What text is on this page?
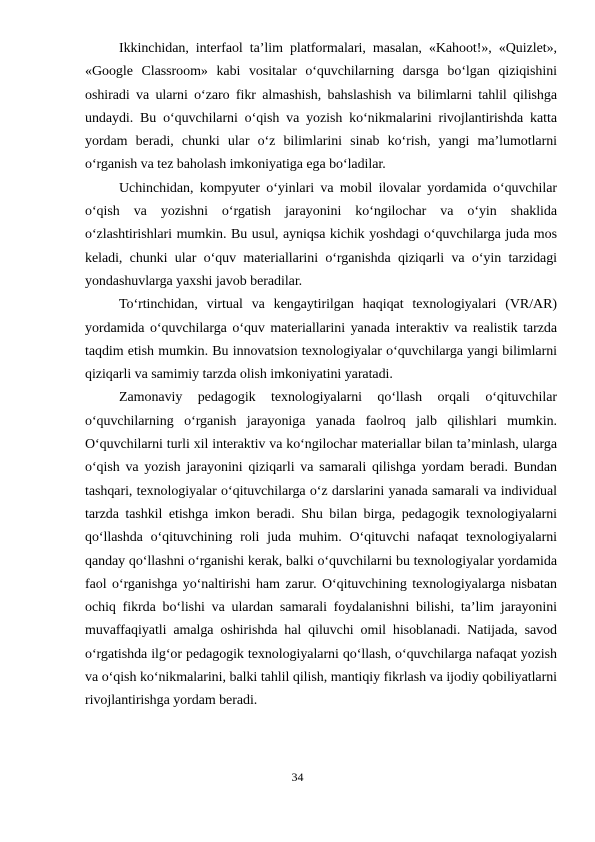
Ikkinchidan, interfaol ta’lim platformalari, masalan, «Kahoot!», «Quizlet», «Google Classroom» kabi vositalar o‘quvchilarning darsga bo‘lgan qiziqishini oshiradi va ularni o‘zaro fikr almashish, bahslashish va bilimlarni tahlil qilishga undaydi. Bu o‘quvchilarni o‘qish va yozish ko‘nikmalarini rivojlantirishda katta yordam beradi, chunki ular o‘z bilimlarini sinab ko‘rish, yangi ma’lumotlarni o‘rganish va tez baholash imkoniyatiga ega bo‘ladilar.

Uchinchidan, kompyuter o‘yinlari va mobil ilovalar yordamida o‘quvchilar o‘qish va yozishni o‘rgatish jarayonini ko‘ngilochar va o‘yin shaklida o‘zlashtirishlari mumkin. Bu usul, ayniqsa kichik yoshdagi o‘quvchilarga juda mos keladi, chunki ular o‘quv materiallarini o‘rganishda qiziqarli va o‘yin tarzidagi yondashuvlarga yaxshi javob beradilar.

To‘rtinchidan, virtual va kengaytirilgan haqiqat texnologiyalari (VR/AR) yordamida o‘quvchilarga o‘quv materiallarini yanada interaktiv va realistik tarzda taqdim etish mumkin. Bu innovatsion texnologiyalar o‘quvchilarga yangi bilimlarni qiziqarli va samimiy tarzda olish imkoniyatini yaratadi.

Zamonaviy pedagogik texnologiyalarni qo‘llash orqali o‘qituvchilar o‘quvchilarning o‘rganish jarayoniga yanada faolroq jalb qilishlari mumkin. O‘quvchilarni turli xil interaktiv va ko‘ngilochar materiallar bilan ta’minlash, ularga o‘qish va yozish jarayonini qiziqarli va samarali qilishga yordam beradi. Bundan tashqari, texnologiyalar o‘qituvchilarga o‘z darslarini yanada samarali va individual tarzda tashkil etishga imkon beradi. Shu bilan birga, pedagogik texnologiyalarni qo‘llashda o‘qituvchining roli juda muhim. O‘qituvchi nafaqat texnologiyalarni qanday qo‘llashni o‘rganishi kerak, balki o‘quvchilarni bu texnologiyalar yordamida faol o‘rganishga yo‘naltirishi ham zarur. O‘qituvchining texnologiyalarga nisbatan ochiq fikrda bo‘lishi va ulardan samarali foydalanishni bilishi, ta’lim jarayonini muvaffaqiyatli amalga oshirishda hal qiluvchi omil hisoblanadi. Natijada, savod o‘rgatishda ilg‘or pedagogik texnologiyalarni qo‘llash, o‘quvchilarga nafaqat yozish va o‘qish ko‘nikmalarini, balki tahlil qilish, mantiqiy fikrlash va ijodiy qobiliyatlarni rivojlantirishga yordam beradi.

34
